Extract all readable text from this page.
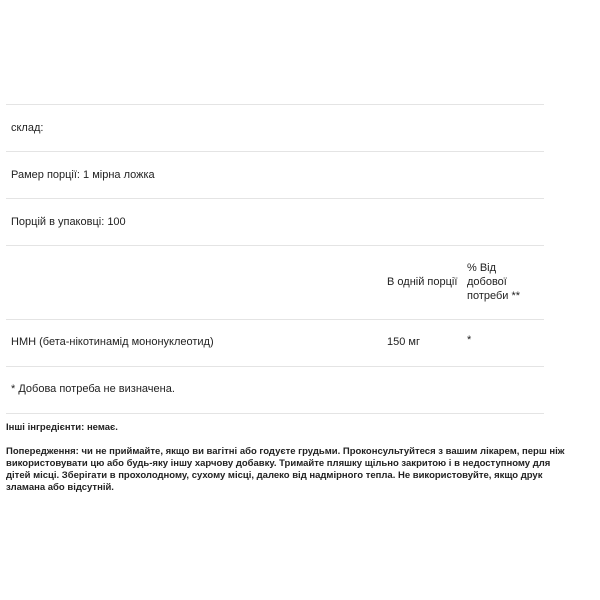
склад:
Рамер порції: 1 мірна ложка
Порцій в упаковці: 100
В одній порції
% Від добової потреби **
НМН (бета-нікотинамід мононуклеотид)	150 мг	*
* Добова потреба не визначена.
Інші інгредієнти: немає.
Попередження: чи не приймайте, якщо ви вагітні або годуєте грудьми. Проконсультуйтеся з вашим лікарем, перш ніж використовувати цю або будь-яку іншу харчову добавку. Тримайте пляшку щільно закритою і в недоступному для дітей місці. Зберігати в прохолодному, сухому місці, далеко від надмірного тепла. Не використовуйте, якщо друк зламана або відсутній.
